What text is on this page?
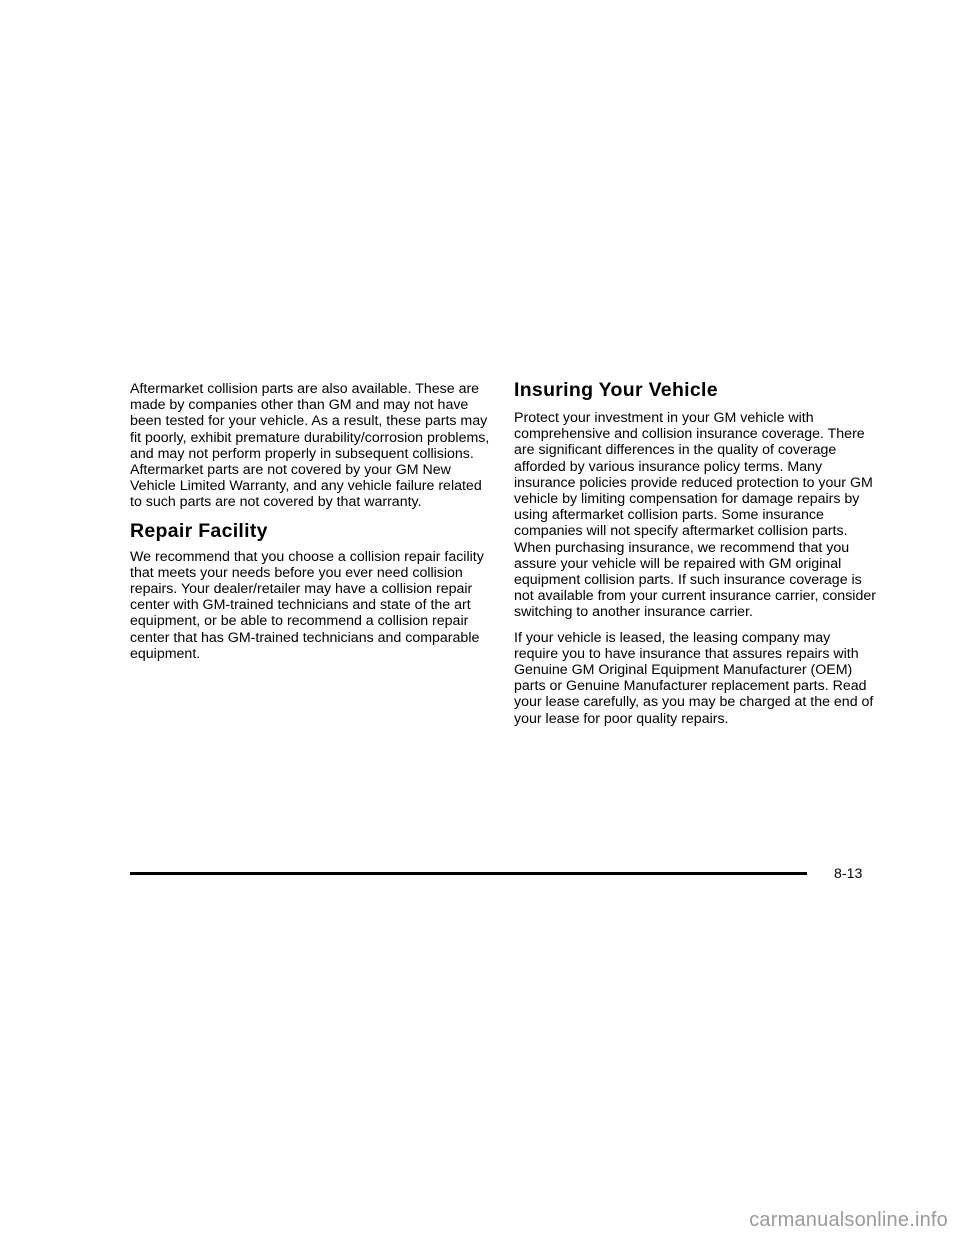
Aftermarket collision parts are also available. These are made by companies other than GM and may not have been tested for your vehicle. As a result, these parts may fit poorly, exhibit premature durability/corrosion problems, and may not perform properly in subsequent collisions. Aftermarket parts are not covered by your GM New Vehicle Limited Warranty, and any vehicle failure related to such parts are not covered by that warranty.

Repair Facility

We recommend that you choose a collision repair facility that meets your needs before you ever need collision repairs. Your dealer/retailer may have a collision repair center with GM-trained technicians and state of the art equipment, or be able to recommend a collision repair center that has GM-trained technicians and comparable equipment.

Insuring Your Vehicle

Protect your investment in your GM vehicle with comprehensive and collision insurance coverage. There are significant differences in the quality of coverage afforded by various insurance policy terms. Many insurance policies provide reduced protection to your GM vehicle by limiting compensation for damage repairs by using aftermarket collision parts. Some insurance companies will not specify aftermarket collision parts. When purchasing insurance, we recommend that you assure your vehicle will be repaired with GM original equipment collision parts. If such insurance coverage is not available from your current insurance carrier, consider switching to another insurance carrier.

If your vehicle is leased, the leasing company may require you to have insurance that assures repairs with Genuine GM Original Equipment Manufacturer (OEM) parts or Genuine Manufacturer replacement parts. Read your lease carefully, as you may be charged at the end of your lease for poor quality repairs.

8-13
carmanualsonline.info
